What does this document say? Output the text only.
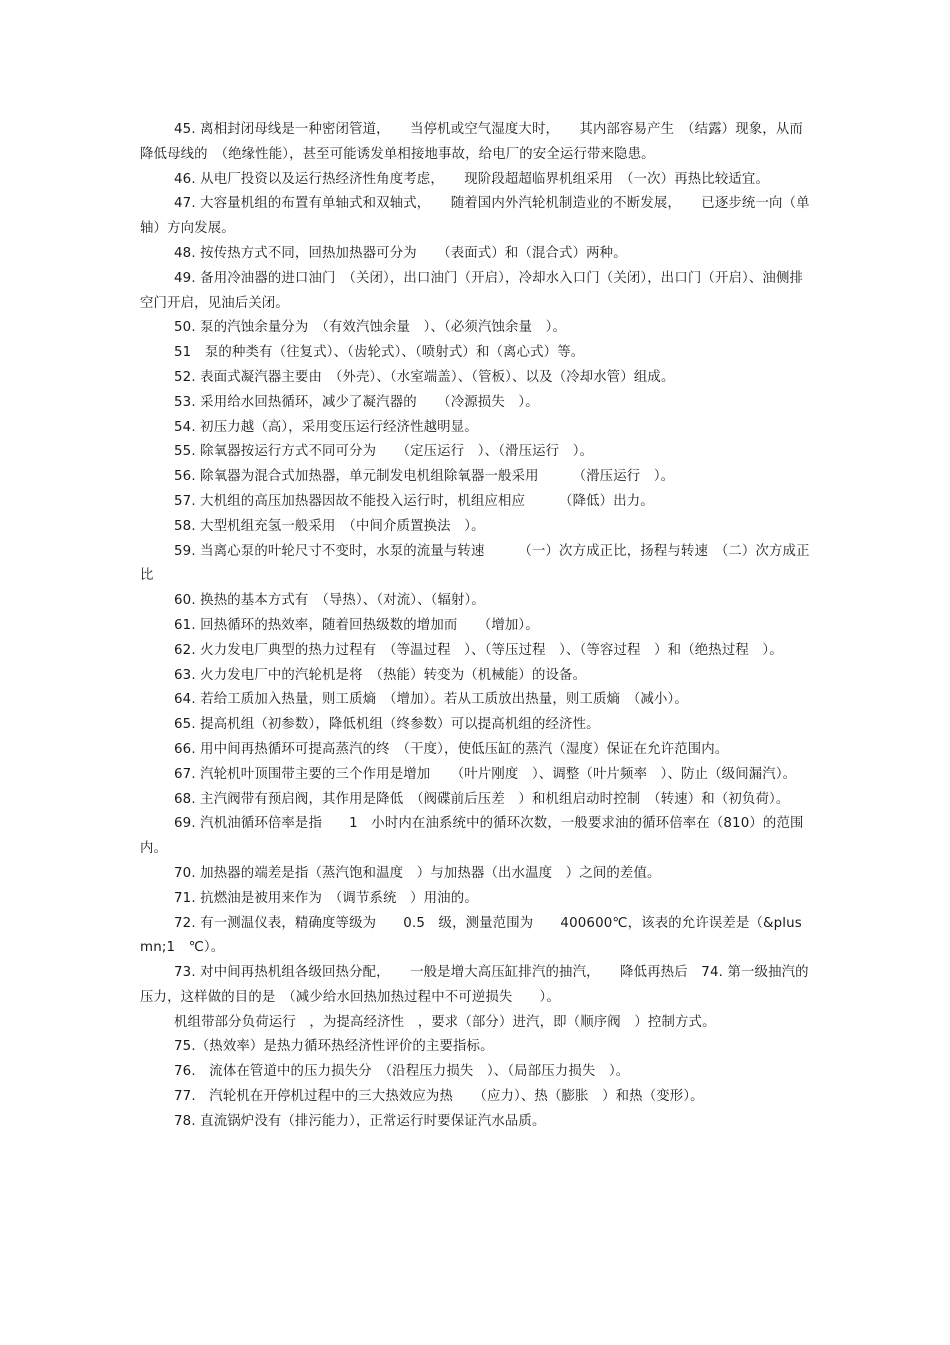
45. 离相封闭母线是一种密闭管道，　　当停机或空气湿度大时，　　其内部容易产生　（结露）现象，从而降低母线的　（绝缘性能），甚至可能诱发单相接地事故，给电厂的安全运行带来隐患。

46. 从电厂投资以及运行热经济性角度考虑，　　现阶段超超临界机组采用　（一次）再热比较适宜。

47. 大容量机组的布置有单轴式和双轴式，　　随着国内外汽轮机制造业的不断发展，　　已逐步统一向（单轴）方向发展。

48. 按传热方式不同，回热加热器可分为　　（表面式）和（混合式）两种。

49. 备用冷油器的进口油门　（关闭），出口油门（开启），冷却水入口门（关闭），出口门（开启）、油侧排空门开启，见油后关闭。

50. 泵的汽蚀余量分为　（有效汽蚀余量　）、（必须汽蚀余量　）。

51　泵的种类有（往复式）、（齿轮式）、（喷射式）和（离心式）等。

52. 表面式凝汽器主要由　（外壳）、（水室端盖）、（管板）、以及（冷却水管）组成。

53. 采用给水回热循环，减少了凝汽器的　　（冷源损失　）。

54. 初压力越（高），采用变压运行经济性越明显。

55. 除氧器按运行方式不同可分为　　（定压运行　）、（滑压运行　）。

56. 除氧器为混合式加热器，单元制发电机组除氧器一般采用　　　（滑压运行　）。

57. 大机组的高压加热器因故不能投入运行时，机组应相应　　　（降低）出力。

58. 大型机组充氢一般采用　（中间介质置换法　）。

59. 当离心泵的叶轮尺寸不变时，水泵的流量与转速　　　（一）次方成正比，扬程与转速　（二）次方成正比

60. 换热的基本方式有　（导热）、（对流）、（辐射）。

61. 回热循环的热效率，随着回热级数的增加而　　（增加）。

62. 火力发电厂典型的热力过程有　（等温过程　）、（等压过程　）、（等容过程　）和（绝热过程　）。

63. 火力发电厂中的汽轮机是将　（热能）转变为（机械能）的设备。

64. 若给工质加入热量，则工质熵　（增加）。若从工质放出热量，则工质熵　（减小）。

65. 提高机组（初参数），降低机组（终参数）可以提高机组的经济性。

66. 用中间再热循环可提高蒸汽的终　（干度），使低压缸的蒸汽（湿度）保证在允许范围内。

67. 汽轮机叶顶围带主要的三个作用是增加　　（叶片刚度　）、调整（叶片频率　）、防止（级间漏汽）。

68. 主汽阀带有预启阀，其作用是降低　（阀碟前后压差　）和机组启动时控制　（转速）和（初负荷）。

69. 汽机油循环倍率是指　　1　小时内在油系统中的循环次数，一般要求油的循环倍率在（810）的范围内。

70. 加热器的端差是指（蒸汽饱和温度　）与加热器（出水温度　）之间的差值。

71. 抗燃油是被用来作为　（调节系统　）用油的。

72. 有一测温仪表，精确度等级为　　0.5　级，测量范围为　　400600℃，该表的允许误差是（&plusmn;1　℃）。

73. 对中间再热机组各级回热分配，　　一般是增大高压缸排汽的抽汽，　　降低再热后　74. 第一级抽汽的压力，这样做的目的是　（减少给水回热加热过程中不可逆损失　　）。

机组带部分负荷运行　，为提高经济性　，要求（部分）进汽，即（顺序阀　）控制方式。

75.（热效率）是热力循环热经济性评价的主要指标。

76.　流体在管道中的压力损失分　（沿程压力损失　）、（局部压力损失　）。

77.　汽轮机在开停机过程中的三大热效应为热　　（应力）、热（膨胀　）和热（变形）。

78. 直流锅炉没有（排污能力），正常运行时要保证汽水品质。
